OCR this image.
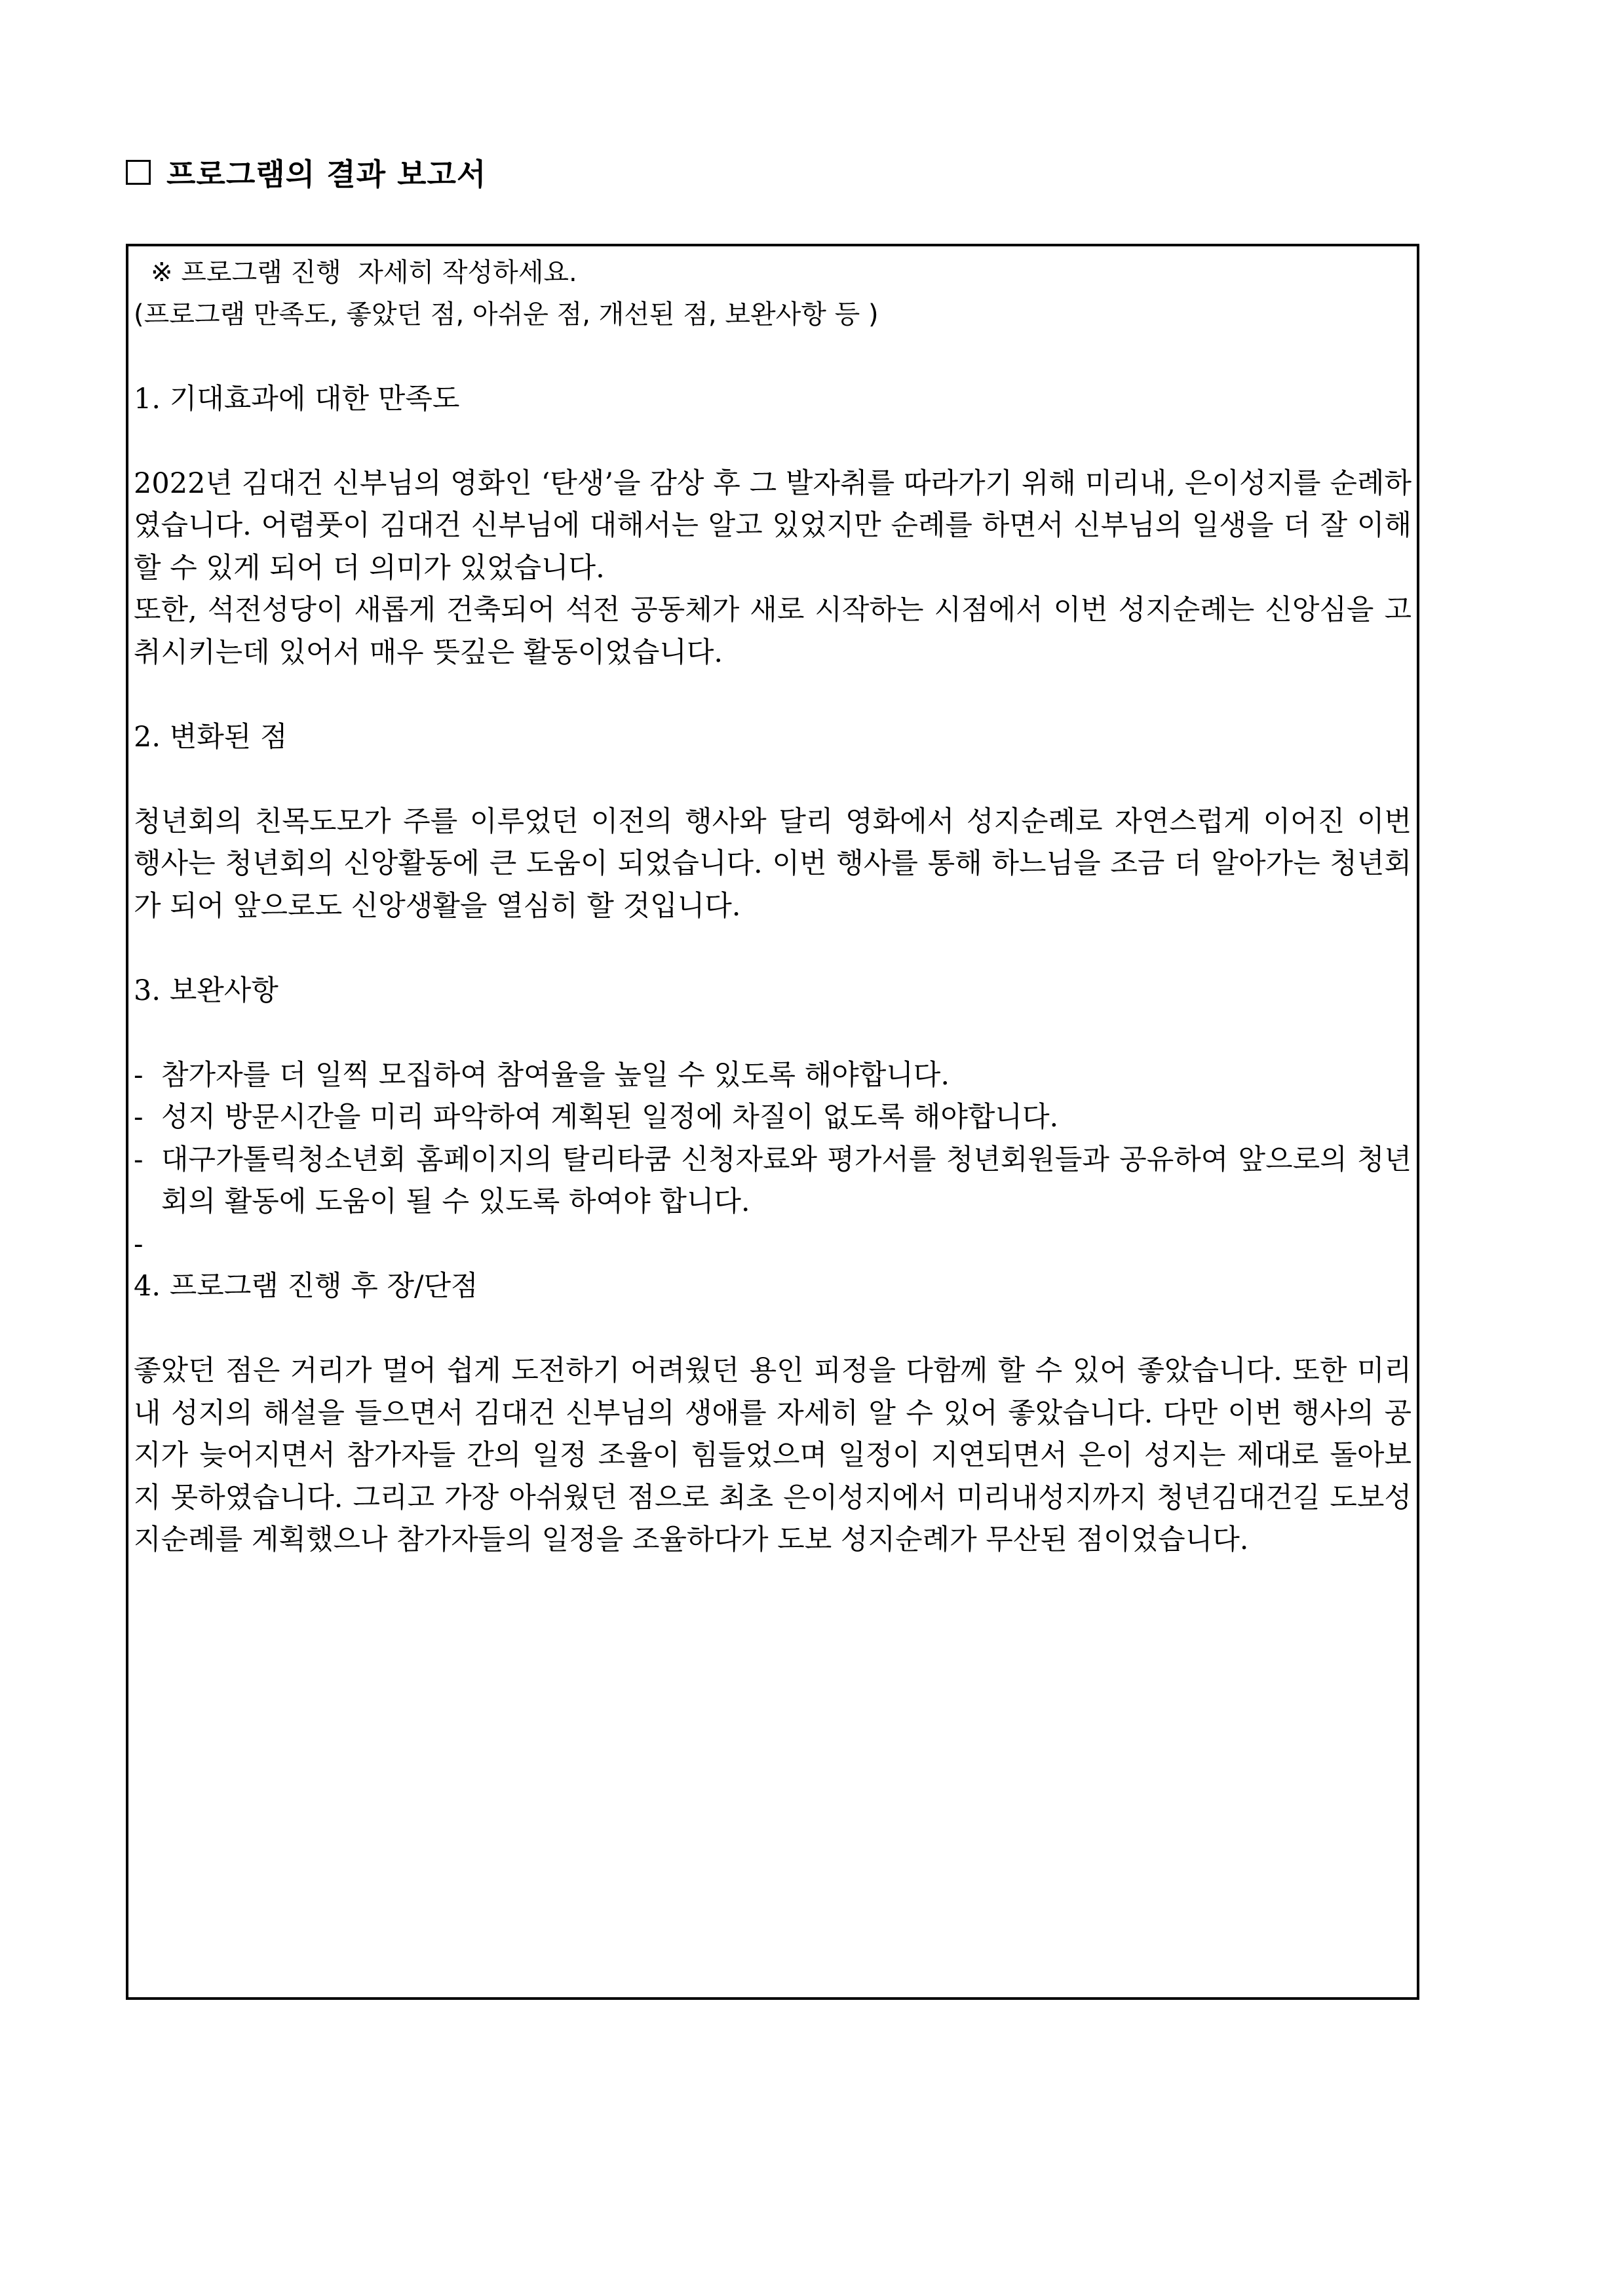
프로그램의 결과 보고서
※ 프로그램 진행  자세히 작성하세요.
(프로그램 만족도, 좋았던 점, 아쉬운 점, 개선된 점, 보완사항 등 )
1. 기대효과에 대한 만족도
2022년 김대건 신부님의 영화인 ‘탄생’을 감상 후 그 발자취를 따라가기 위해 미리내, 은이성지를 순례하였습니다. 어렴풋이 김대건 신부님에 대해서는 알고 있었지만 순례를 하면서 신부님의 일생을 더 잘 이해할 수 있게 되어 더 의미가 있었습니다.
또한, 석전성당이 새롭게 건축되어 석전 공동체가 새로 시작하는 시점에서 이번 성지순례는 신앙심을 고취시키는데 있어서 매우 뜻깊은 활동이었습니다.
2. 변화된 점
청년회의 친목도모가 주를 이루었던 이전의 행사와 달리 영화에서 성지순례로 자연스럽게 이어진 이번 행사는 청년회의 신앙활동에 큰 도움이 되었습니다. 이번 행사를 통해 하느님을 조금 더 알아가는 청년회가 되어 앞으로도 신앙생활을 열심히 할 것입니다.
3. 보완사항
- 참가자를 더 일찍 모집하여 참여율을 높일 수 있도록 해야합니다.
- 성지 방문시간을 미리 파악하여 계획된 일정에 차질이 없도록 해야합니다.
- 대구가톨릭청소년회 홈페이지의 탈리타쿰 신청자료와 평가서를 청년회원들과 공유하여 앞으로의 청년회의 활동에 도움이 될 수 있도록 하여야 합니다.
-
4. 프로그램 진행 후 장/단점
좋았던 점은 거리가 멀어 쉽게 도전하기 어려웠던 용인 피정을 다함께 할 수 있어 좋았습니다. 또한 미리내 성지의 해설을 들으면서 김대건 신부님의 생애를 자세히 알 수 있어 좋았습니다. 다만 이번 행사의 공지가 늦어지면서 참가자들 간의 일정 조율이 힘들었으며 일정이 지연되면서 은이 성지는 제대로 돌아보지 못하였습니다. 그리고 가장 아쉬웠던 점으로 최초 은이성지에서 미리내성지까지 청년김대건길 도보성지순례를 계획했으나 참가자들의 일정을 조율하다가 도보 성지순례가 무산된 점이었습니다.
